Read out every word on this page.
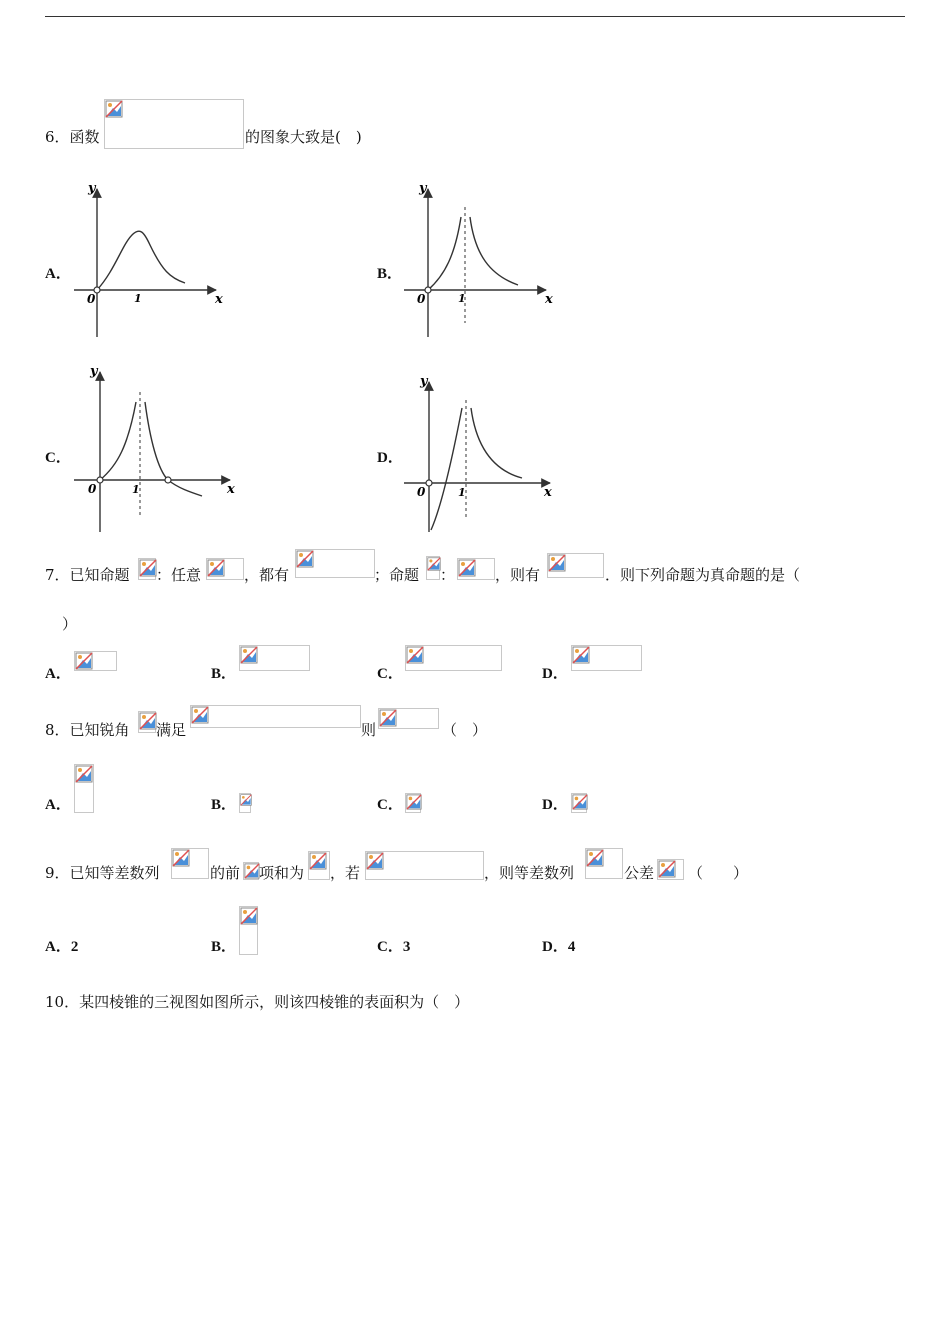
6．函数	的图象大致是(　)
A．	B．
C．	D．
0	1	x
y
0	1	x
y
0	1	x
y
0	1	x
y
7．已知命题 ：任意	，都有	；命题 ：	，则有	．则下列命题为真命题的是（
）
A．	B．	C．	D．
8．已知锐角 满足	则	（　）
A．	B．	C．	D．
9．已知等差数列	的前 项和为 ，若	，则等差数列	公差 （　　）
A．2	B．	C．3	D．4
10．某四棱锥的三视图如图所示，则该四棱锥的表面积为（　）
